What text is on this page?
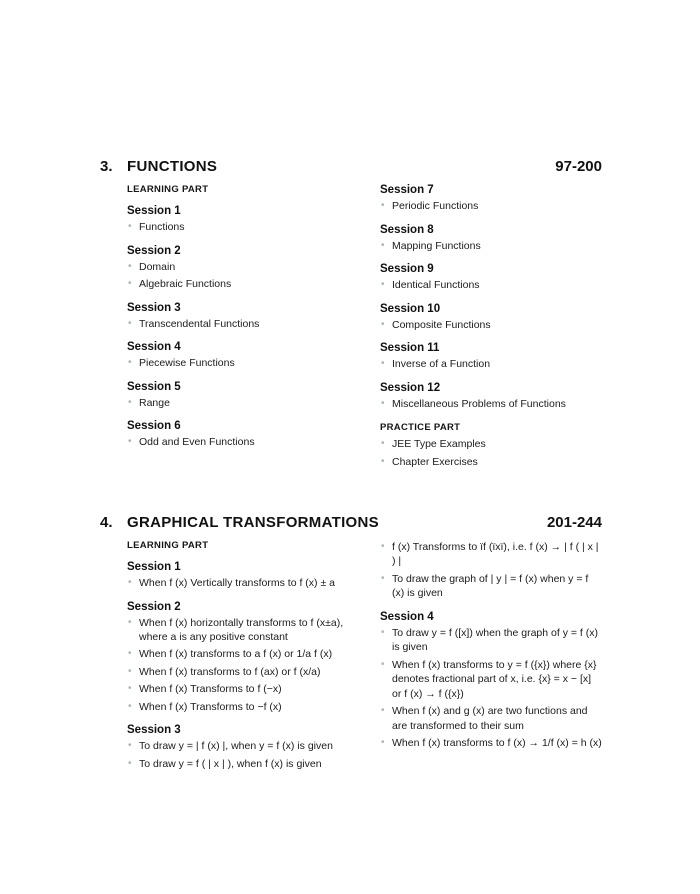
3. FUNCTIONS	97-200
LEARNING PART
Session 1
• Functions
Session 2
• Domain
• Algebraic Functions
Session 3
• Transcendental Functions
Session 4
• Piecewise Functions
Session 5
• Range
Session 6
• Odd and Even Functions
Session 7
• Periodic Functions
Session 8
• Mapping Functions
Session 9
• Identical Functions
Session 10
• Composite Functions
Session 11
• Inverse of a Function
Session 12
• Miscellaneous Problems of Functions
PRACTICE PART
• JEE Type Examples
• Chapter Exercises
4. GRAPHICAL TRANSFORMATIONS	201-244
LEARNING PART
Session 1
• When f (x) Vertically transforms to f (x) ± a
Session 2
• When f (x) horizontally transforms to f (x±a), where a is any positive constant
• When f (x) transforms to a f (x) or 1/a f (x)
• When f (x) transforms to f (ax) or f (x/a)
• When f (x) Transforms to f (−x)
• When f (x) Transforms to −f (x)
Session 3
• To draw y = | f (x) |, when y = f (x) is given
• To draw y = f ( | x | ), when f (x) is given
• f (x) Transforms to ïf (ïxï), i.e. f (x) → | f ( | x | ) |
• To draw the graph of | y | = f (x) when y = f (x) is given
Session 4
• To draw y = f ([x]) when the graph of y = f (x) is given
• When f (x) transforms to y = f ({x}) where {x} denotes fractional part of x, i.e. {x} = x − [x] or f (x) → f ({x})
• When f (x) and g (x) are two functions and are transformed to their sum
• When f (x) transforms to f (x) → 1/f (x) = h (x)
